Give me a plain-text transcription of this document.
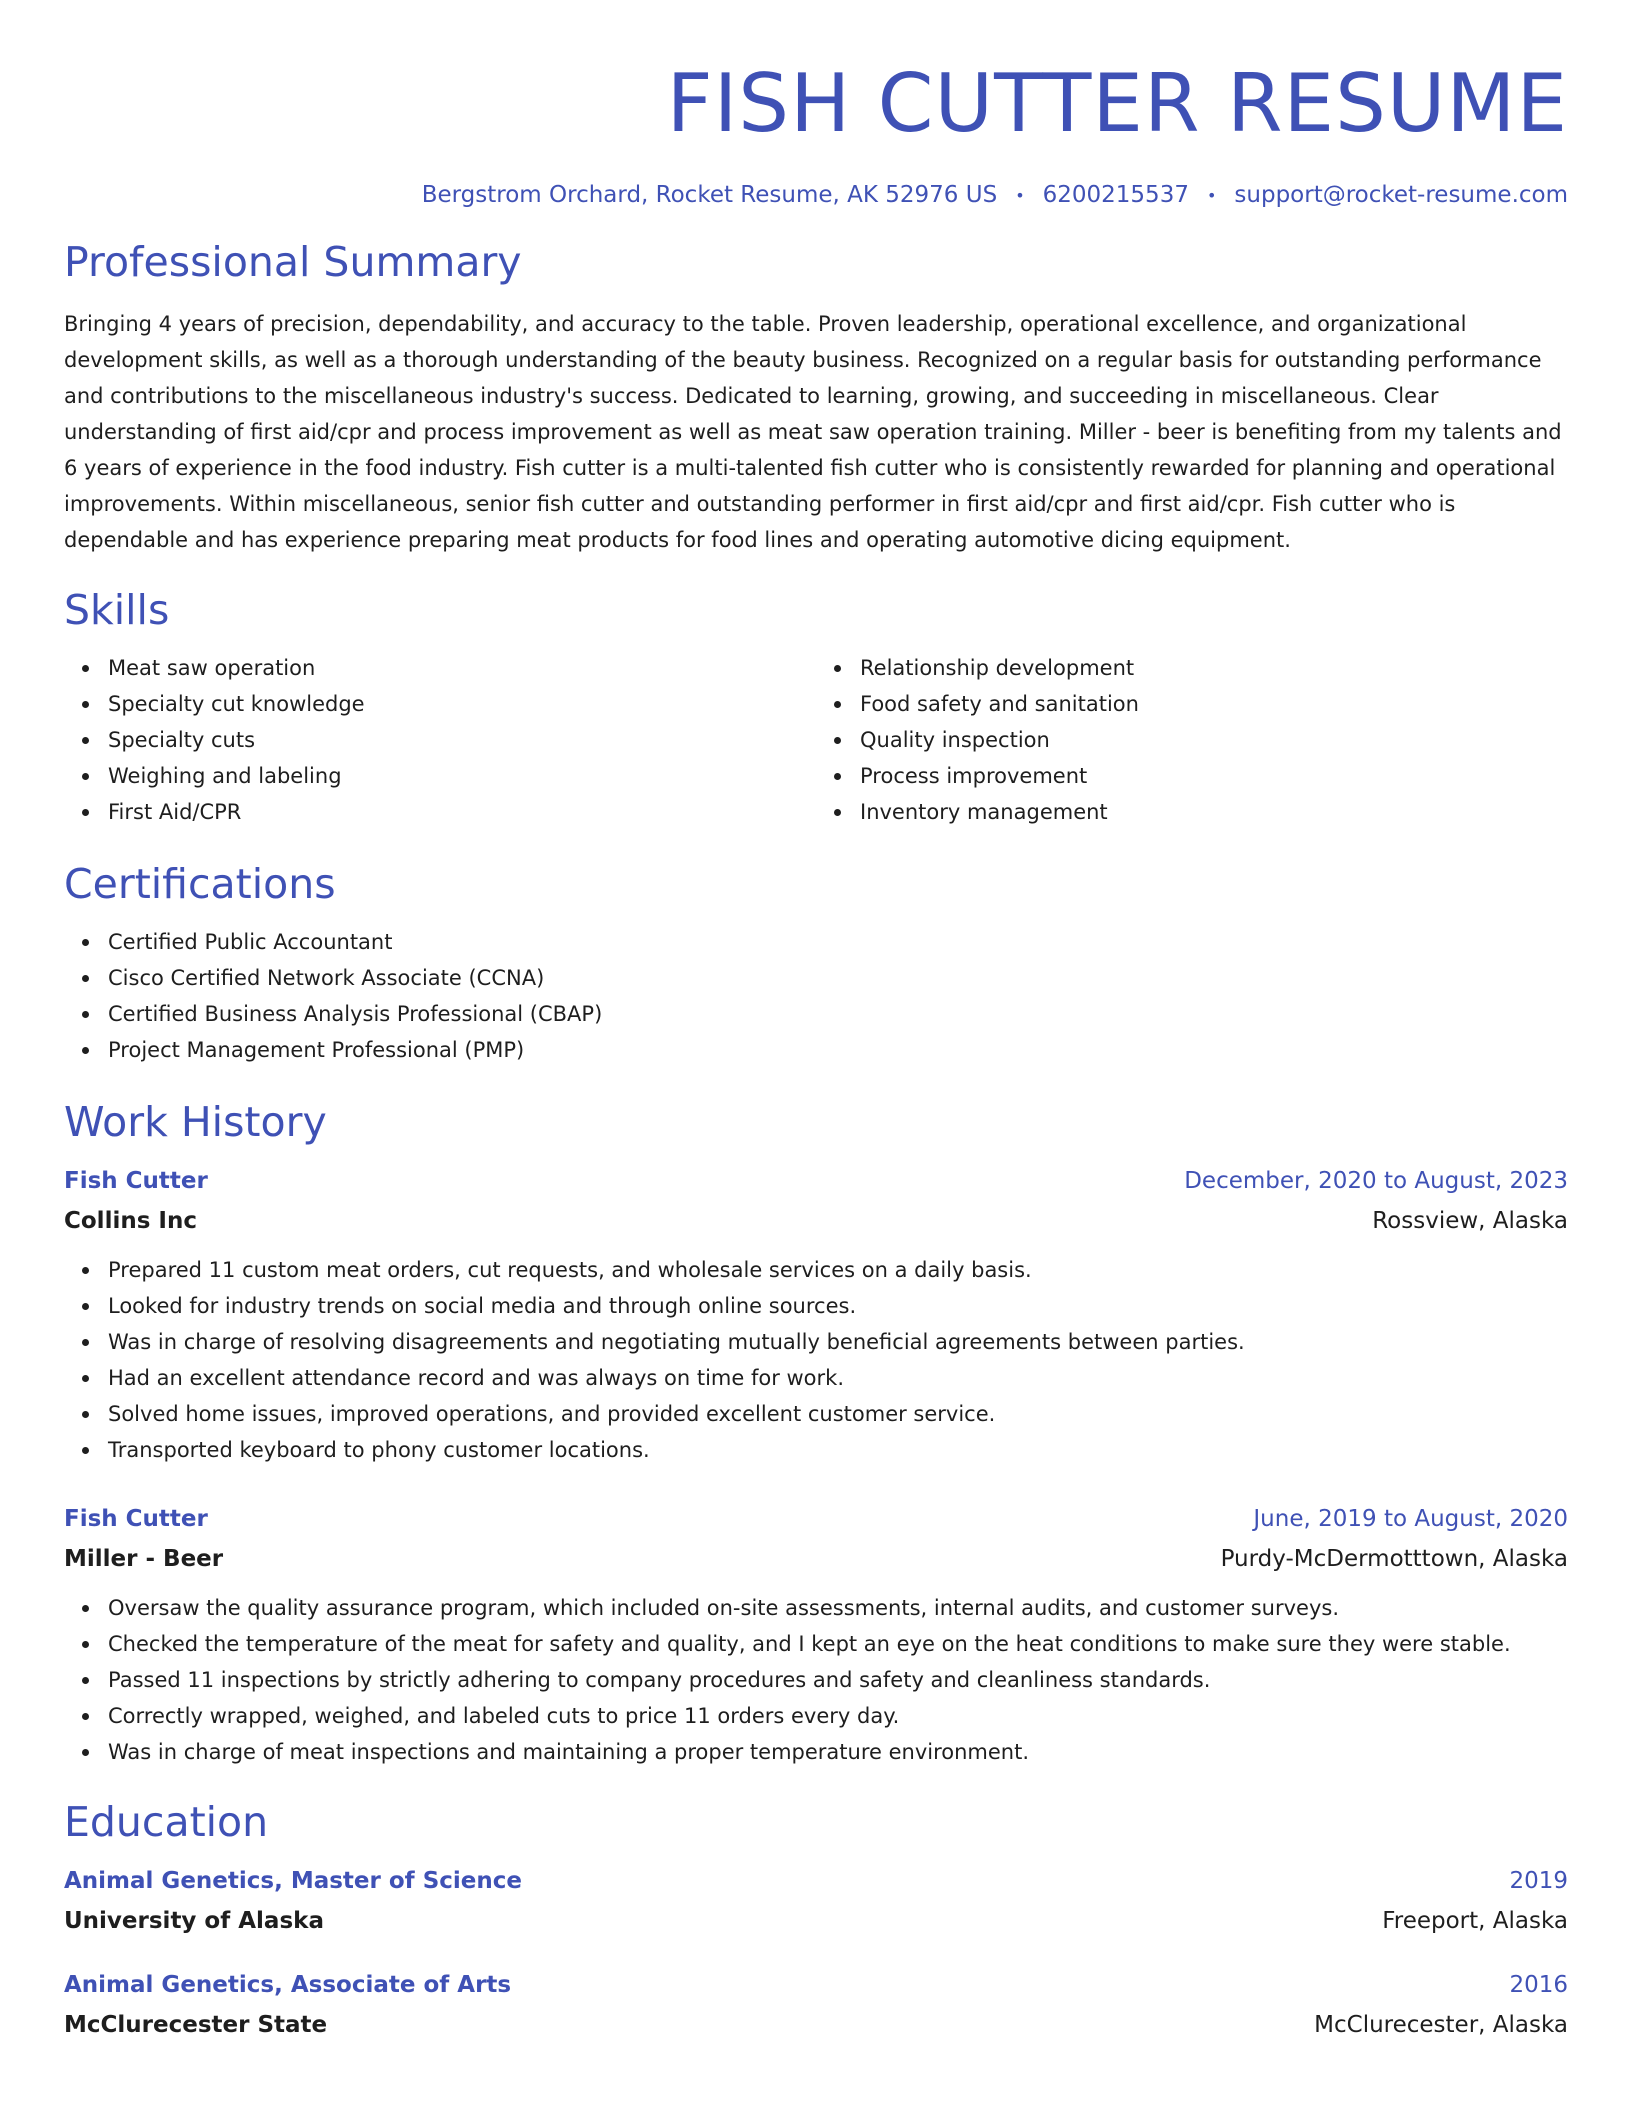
FISH CUTTER RESUME
Bergstrom Orchard, Rocket Resume, AK 52976 US • 6200215537 • support@rocket-resume.com
Professional Summary
Bringing 4 years of precision, dependability, and accuracy to the table. Proven leadership, operational excellence, and organizational development skills, as well as a thorough understanding of the beauty business. Recognized on a regular basis for outstanding performance and contributions to the miscellaneous industry's success. Dedicated to learning, growing, and succeeding in miscellaneous. Clear understanding of first aid/cpr and process improvement as well as meat saw operation training. Miller - beer is benefiting from my talents and 6 years of experience in the food industry. Fish cutter is a multi-talented fish cutter who is consistently rewarded for planning and operational improvements. Within miscellaneous, senior fish cutter and outstanding performer in first aid/cpr and first aid/cpr. Fish cutter who is dependable and has experience preparing meat products for food lines and operating automotive dicing equipment.
Skills
Meat saw operation
Specialty cut knowledge
Specialty cuts
Weighing and labeling
First Aid/CPR
Relationship development
Food safety and sanitation
Quality inspection
Process improvement
Inventory management
Certifications
Certified Public Accountant
Cisco Certified Network Associate (CCNA)
Certified Business Analysis Professional (CBAP)
Project Management Professional (PMP)
Work History
Fish Cutter	December, 2020 to August, 2023
Collins Inc	Rossview, Alaska
Prepared 11 custom meat orders, cut requests, and wholesale services on a daily basis.
Looked for industry trends on social media and through online sources.
Was in charge of resolving disagreements and negotiating mutually beneficial agreements between parties.
Had an excellent attendance record and was always on time for work.
Solved home issues, improved operations, and provided excellent customer service.
Transported keyboard to phony customer locations.
Fish Cutter	June, 2019 to August, 2020
Miller - Beer	Purdy-McDermotttown, Alaska
Oversaw the quality assurance program, which included on-site assessments, internal audits, and customer surveys.
Checked the temperature of the meat for safety and quality, and I kept an eye on the heat conditions to make sure they were stable.
Passed 11 inspections by strictly adhering to company procedures and safety and cleanliness standards.
Correctly wrapped, weighed, and labeled cuts to price 11 orders every day.
Was in charge of meat inspections and maintaining a proper temperature environment.
Education
Animal Genetics, Master of Science	2019
University of Alaska	Freeport, Alaska
Animal Genetics, Associate of Arts	2016
McClurecester State	McClurecester, Alaska
